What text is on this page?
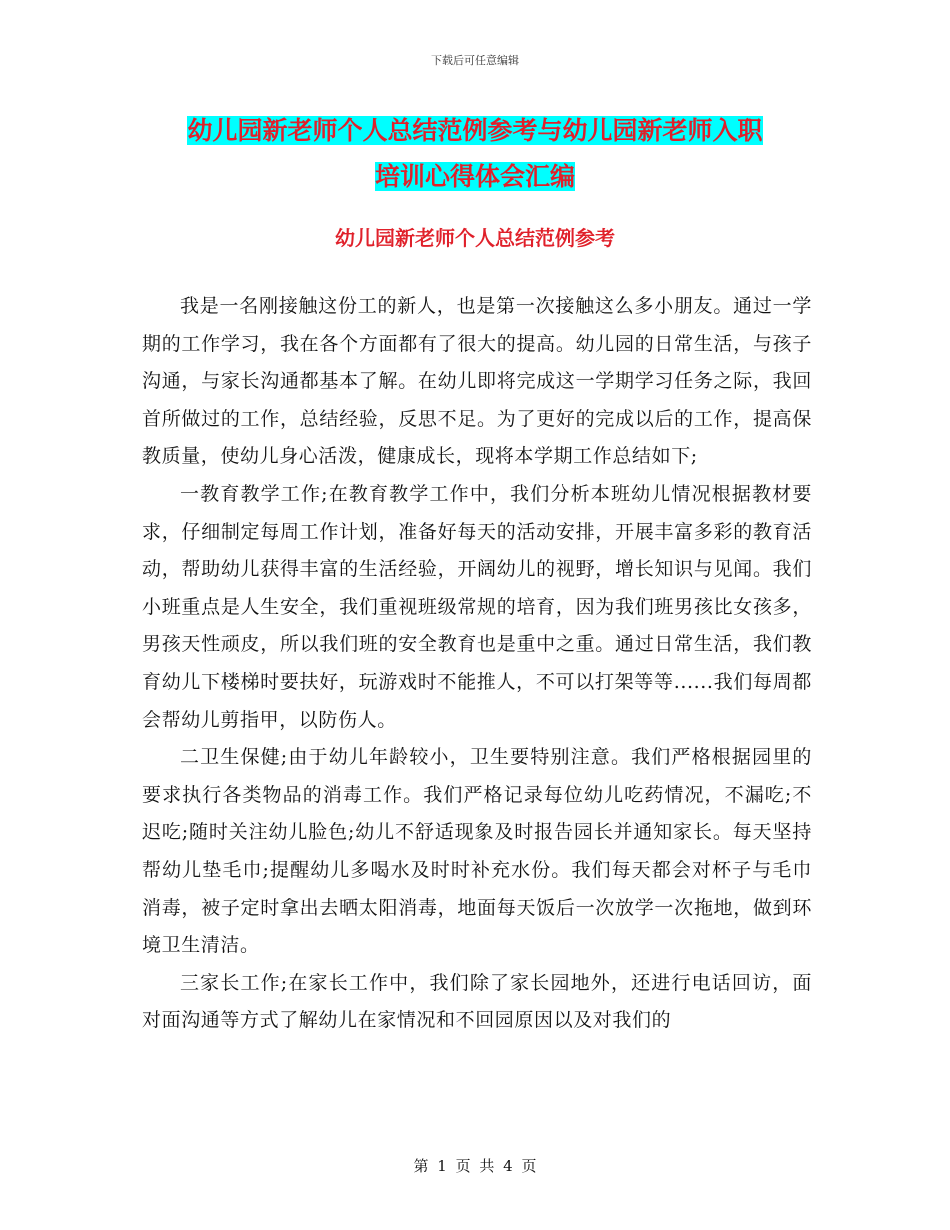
下载后可任意编辑
幼儿园新老师个人总结范例参考与幼儿园新老师入职
培训心得体会汇编
幼儿园新老师个人总结范例参考

我是一名刚接触这份工的新人，也是第一次接触这么多小朋友。通过一学期的工作学习，我在各个方面都有了很大的提高。幼儿园的日常生活，与孩子沟通，与家长沟通都基本了解。在幼儿即将完成这一学期学习任务之际，我回首所做过的工作，总结经验，反思不足。为了更好的完成以后的工作，提高保教质量，使幼儿身心活泼，健康成长，现将本学期工作总结如下;

一教育教学工作;在教育教学工作中，我们分析本班幼儿情况根据教材要求，仔细制定每周工作计划，准备好每天的活动安排，开展丰富多彩的教育活动，帮助幼儿获得丰富的生活经验，开阔幼儿的视野，增长知识与见闻。我们小班重点是人生安全，我们重视班级常规的培育，因为我们班男孩比女孩多，男孩天性顽皮，所以我们班的安全教育也是重中之重。通过日常生活，我们教育幼儿下楼梯时要扶好，玩游戏时不能推人，不可以打架等等......我们每周都会帮幼儿剪指甲，以防伤人。

二卫生保健;由于幼儿年龄较小，卫生要特别注意。我们严格根据园里的要求执行各类物品的消毒工作。我们严格记录每位幼儿吃药情况，不漏吃;不迟吃;随时关注幼儿脸色;幼儿不舒适现象及时报告园长并通知家长。每天坚持帮幼儿垫毛巾;提醒幼儿多喝水及时时补充水份。我们每天都会对杯子与毛巾消毒，被子定时拿出去晒太阳消毒，地面每天饭后一次放学一次拖地，做到环境卫生清洁。

三家长工作;在家长工作中，我们除了家长园地外，还进行电话回访，面对面沟通等方式了解幼儿在家情况和不回园原因以及对我们的

第 1 页 共 4 页
